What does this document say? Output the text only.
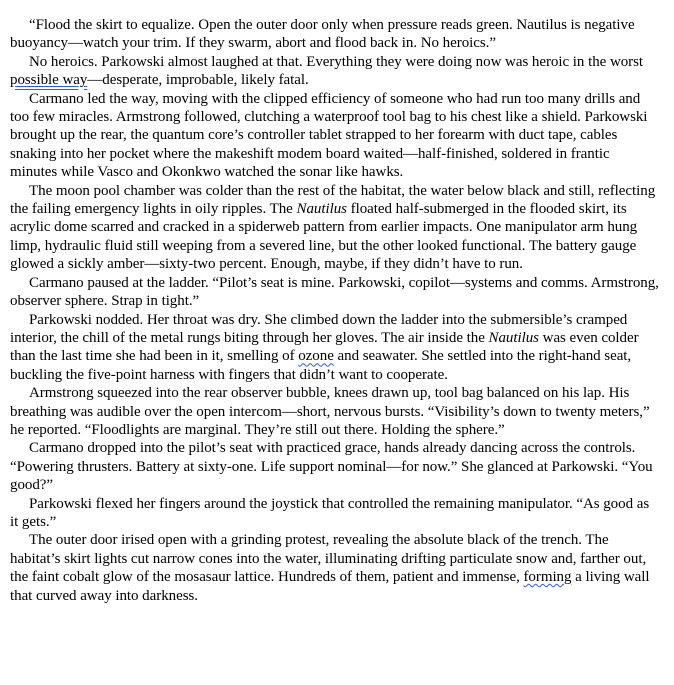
“Flood the skirt to equalize. Open the outer door only when pressure reads green. Nautilus is negative buoyancy—watch your trim. If they swarm, abort and flood back in. No heroics.”

No heroics. Parkowski almost laughed at that. Everything they were doing now was heroic in the worst possible way—desperate, improbable, likely fatal.

Carmano led the way, moving with the clipped efficiency of someone who had run too many drills and too few miracles. Armstrong followed, clutching a waterproof tool bag to his chest like a shield. Parkowski brought up the rear, the quantum core’s controller tablet strapped to her forearm with duct tape, cables snaking into her pocket where the makeshift modem board waited—half-finished, soldered in frantic minutes while Vasco and Okonkwo watched the sonar like hawks.

The moon pool chamber was colder than the rest of the habitat, the water below black and still, reflecting the failing emergency lights in oily ripples. The Nautilus floated half-submerged in the flooded skirt, its acrylic dome scarred and cracked in a spiderweb pattern from earlier impacts. One manipulator arm hung limp, hydraulic fluid still weeping from a severed line, but the other looked functional. The battery gauge glowed a sickly amber—sixty-two percent. Enough, maybe, if they didn’t have to run.

Carmano paused at the ladder. “Pilot’s seat is mine. Parkowski, copilot—systems and comms. Armstrong, observer sphere. Strap in tight.”

Parkowski nodded. Her throat was dry. She climbed down the ladder into the submersible’s cramped interior, the chill of the metal rungs biting through her gloves. The air inside the Nautilus was even colder than the last time she had been in it, smelling of ozone and seawater. She settled into the right-hand seat, buckling the five-point harness with fingers that didn’t want to cooperate.

Armstrong squeezed into the rear observer bubble, knees drawn up, tool bag balanced on his lap. His breathing was audible over the open intercom—short, nervous bursts. “Visibility’s down to twenty meters,” he reported. “Floodlights are marginal. They’re still out there. Holding the sphere.”

Carmano dropped into the pilot’s seat with practiced grace, hands already dancing across the controls. “Powering thrusters. Battery at sixty-one. Life support nominal—for now.” She glanced at Parkowski. “You good?”

Parkowski flexed her fingers around the joystick that controlled the remaining manipulator. “As good as it gets.”

The outer door irised open with a grinding protest, revealing the absolute black of the trench. The habitat’s skirt lights cut narrow cones into the water, illuminating drifting particulate snow and, farther out, the faint cobalt glow of the mosasaur lattice. Hundreds of them, patient and immense, forming a living wall that curved away into darkness.
